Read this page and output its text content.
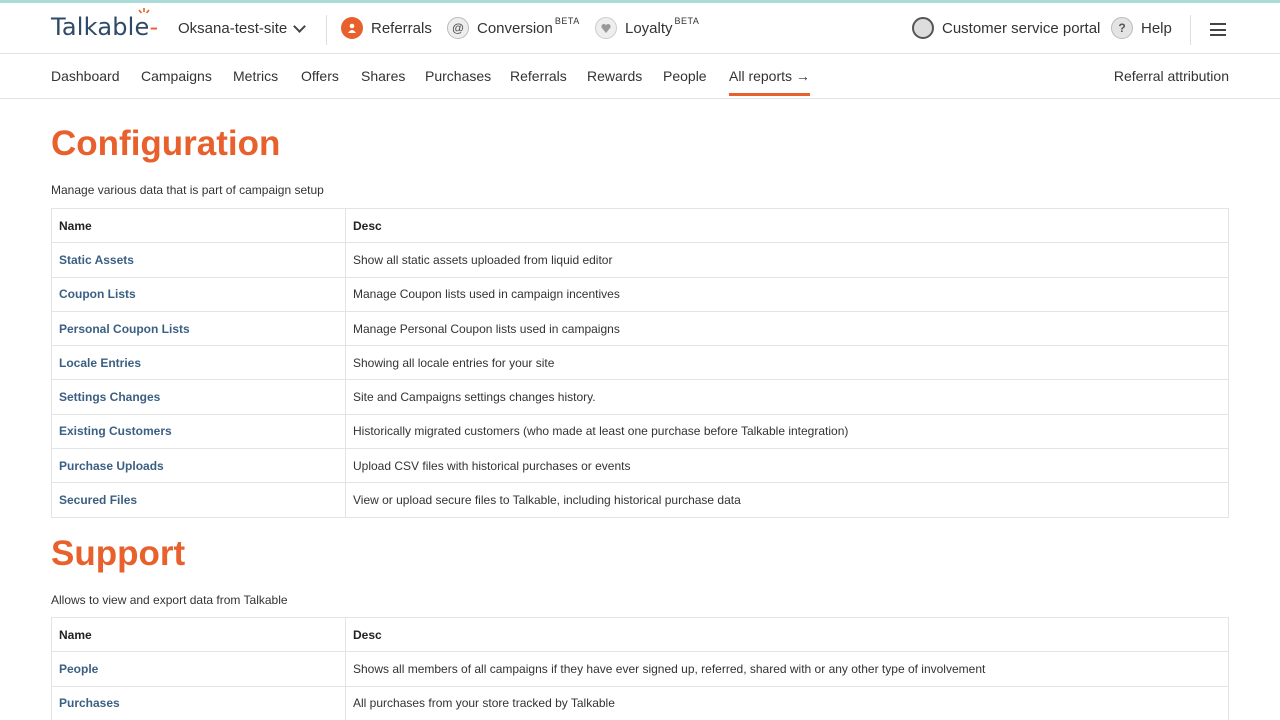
Talkable- Oksana-test-site	Referrals	@ Conversion $^{BETA}$	Loyalty $^{BETA}$	Customer service portal	?	Help
Dashboard Campaigns Metrics Offers Shares Purchases Referrals Rewards People All reports →	Referral attribution
Configuration

Manage various data that is part of campaign setup

Name	Desc
Static Assets	Show all static assets uploaded from liquid editor
Coupon Lists	Manage Coupon lists used in campaign incentives
Personal Coupon Lists	Manage Personal Coupon lists used in campaigns
Locale Entries	Showing all locale entries for your site
Settings Changes	Site and Campaigns settings changes history.
Existing Customers	Historically migrated customers (who made at least one purchase before Talkable integration)
Purchase Uploads	Upload CSV files with historical purchases or events
Secured Files	View or upload secure files to Talkable, including historical purchase data
Support

Allows to view and export data from Talkable

Name	Desc
People	Shows all members of all campaigns if they have ever signed up, referred, shared with or any other type of involvement
Purchases	All purchases from your store tracked by Talkable
